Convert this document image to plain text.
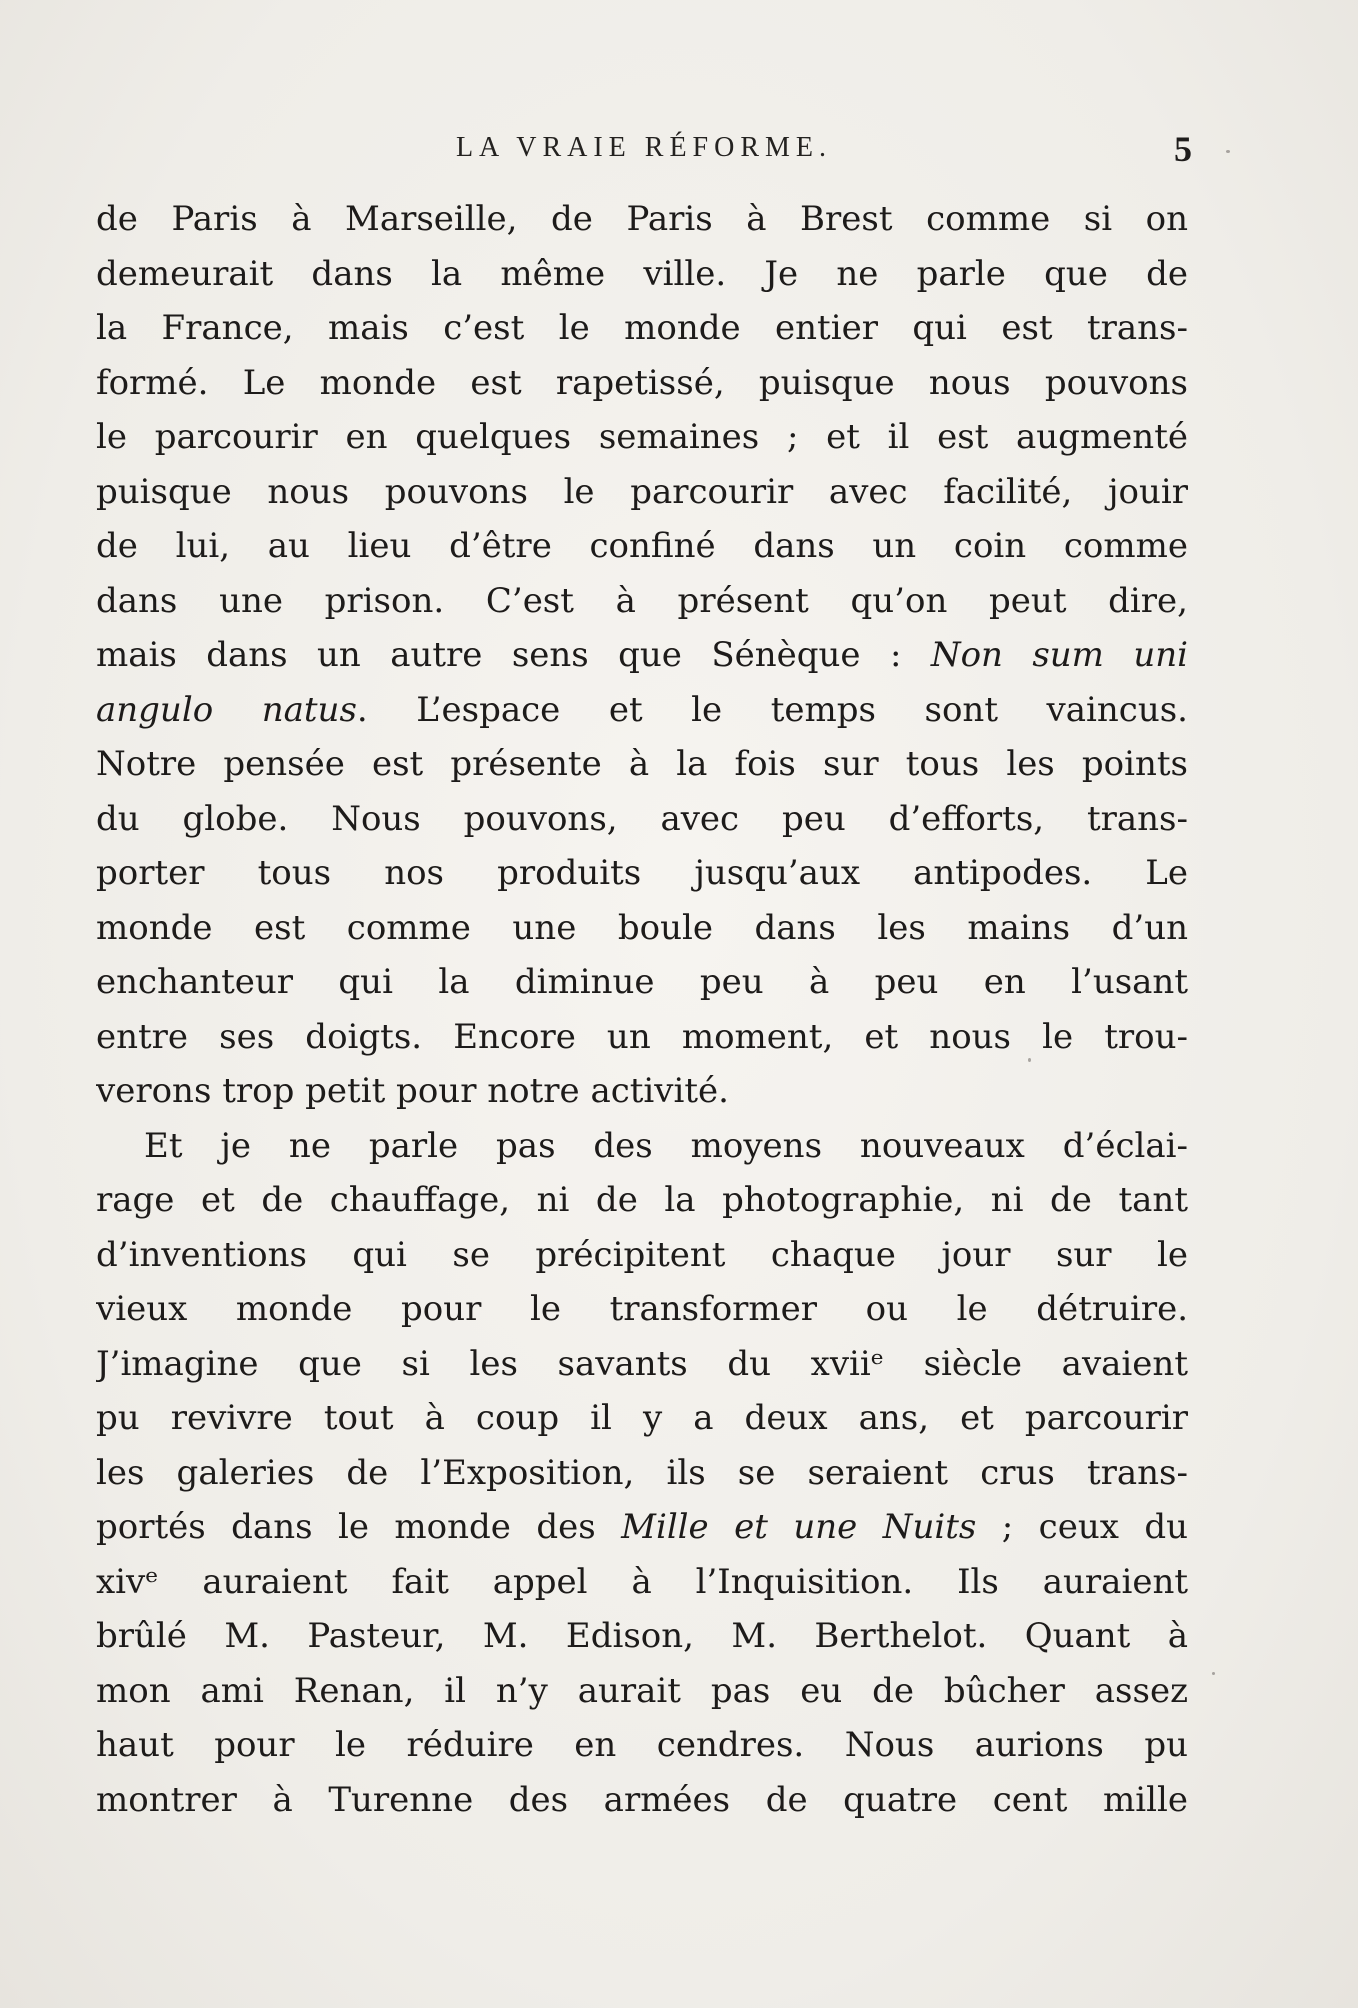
LA VRAIE RÉFORME.	5
de Paris à Marseille, de Paris à Brest comme si on
demeurait dans la même ville. Je ne parle que de
la France, mais c’est le monde entier qui est trans-
formé. Le monde est rapetissé, puisque nous pouvons
le parcourir en quelques semaines ; et il est augmenté
puisque nous pouvons le parcourir avec facilité, jouir
de lui, au lieu d’être confiné dans un coin comme
dans une prison. C’est à présent qu’on peut dire,
mais dans un autre sens que Sénèque : Non sum uni
angulo natus. L’espace et le temps sont vaincus.
Notre pensée est présente à la fois sur tous les points
du globe. Nous pouvons, avec peu d’efforts, trans-
porter tous nos produits jusqu’aux antipodes. Le
monde est comme une boule dans les mains d’un
enchanteur qui la diminue peu à peu en l’usant
entre ses doigts. Encore un moment, et nous le trou-
verons trop petit pour notre activité.
Et je ne parle pas des moyens nouveaux d’éclai-
rage et de chauffage, ni de la photographie, ni de tant
d’inventions qui se précipitent chaque jour sur le
vieux monde pour le transformer ou le détruire.
J’imagine que si les savants du xviiᵉ siècle avaient
pu revivre tout à coup il y a deux ans, et parcourir
les galeries de l’Exposition, ils se seraient crus trans-
portés dans le monde des Mille et une Nuits ; ceux du
xivᵉ auraient fait appel à l’Inquisition. Ils auraient
brûlé M. Pasteur, M. Edison, M. Berthelot. Quant à
mon ami Renan, il n’y aurait pas eu de bûcher assez
haut pour le réduire en cendres. Nous aurions pu
montrer à Turenne des armées de quatre cent mille
